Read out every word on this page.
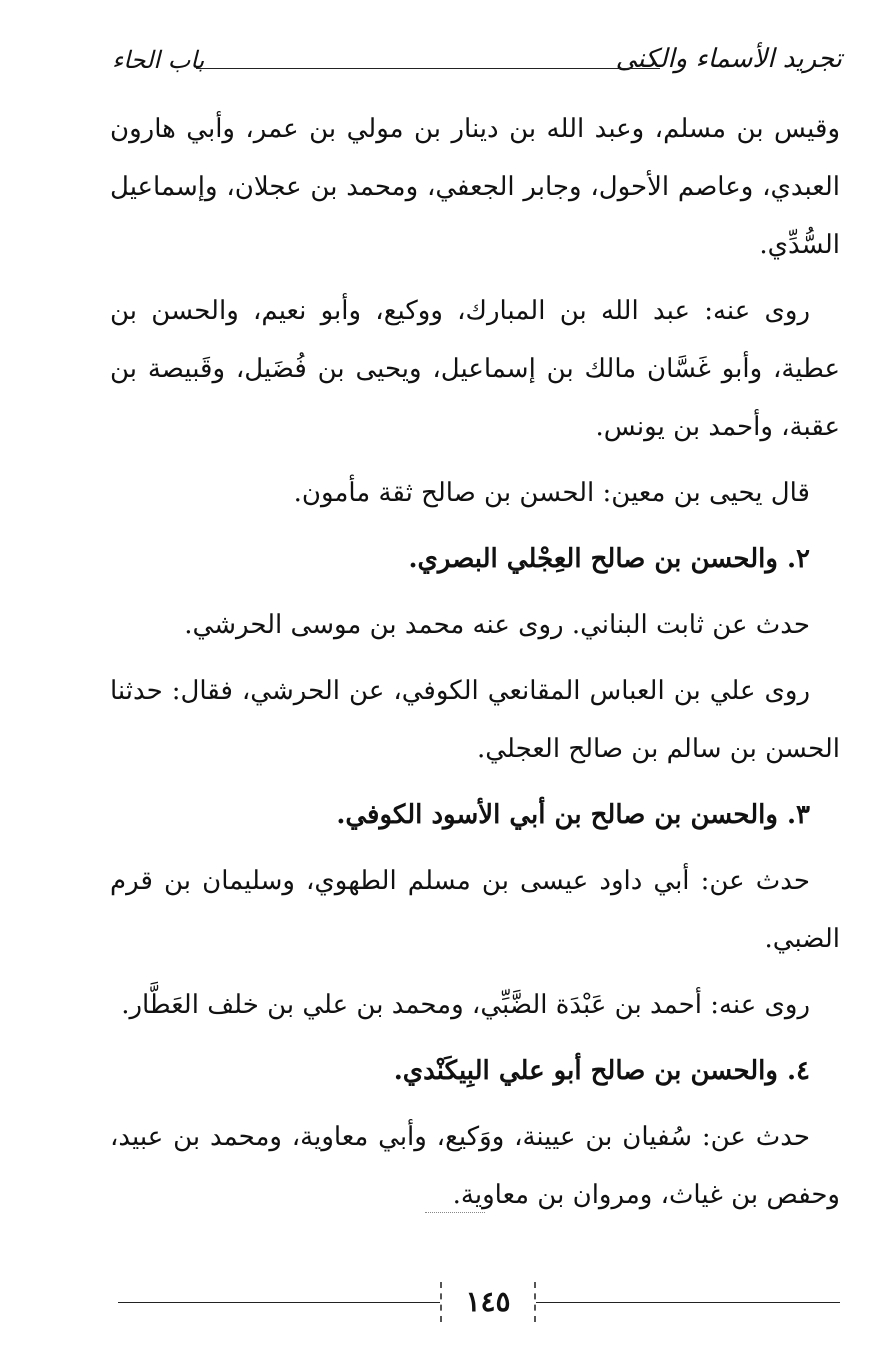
تجريد الأسماء والكنى
باب الحاء

وقيس بن مسلم، وعبد الله بن دينار بن مولي بن عمر، وأبي هارون العبدي، وعاصم الأحول، وجابر الجعفي، ومحمد بن عجلان، وإسماعيل السُّدِّي.

روى عنه: عبد الله بن المبارك، ووكيع، وأبو نعيم، والحسن بن عطية، وأبو غَسَّان مالك بن إسماعيل، ويحيى بن فُضَيل، وقَبيصة بن عقبة، وأحمد بن يونس.

قال يحيى بن معين: الحسن بن صالح ثقة مأمون.

٢. والحسن بن صالح العِجْلي البصري.

حدث عن ثابت البناني. روى عنه محمد بن موسى الحرشي.

روى علي بن العباس المقانعي الكوفي، عن الحرشي، فقال: حدثنا الحسن بن سالم بن صالح العجلي.

٣. والحسن بن صالح بن أبي الأسود الكوفي.

حدث عن: أبي داود عيسى بن مسلم الطهوي، وسليمان بن قرم الضبي.

روى عنه: أحمد بن عَبْدَة الضَّبِّي، ومحمد بن علي بن خلف العَطَّار.

٤. والحسن بن صالح أبو علي البِيكَنْدي.

حدث عن: سُفيان بن عيينة، ووَكيع، وأبي معاوية، ومحمد بن عبيد، وحفص بن غياث، ومروان بن معاوية.

١٤٥
